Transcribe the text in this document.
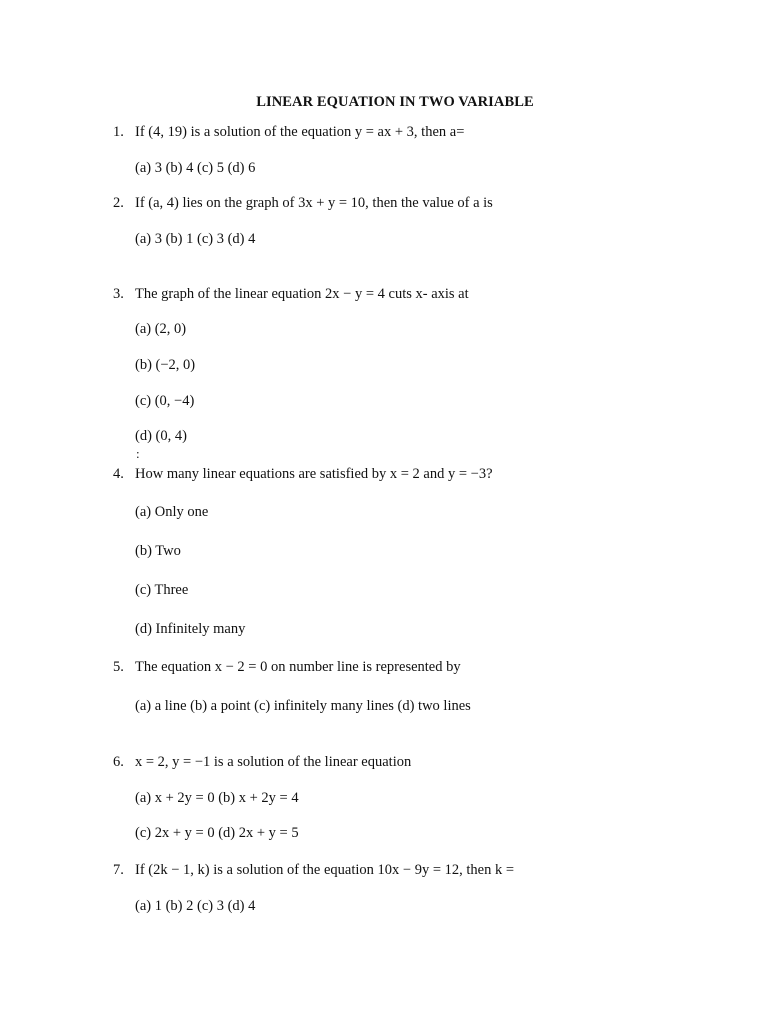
LINEAR EQUATION IN TWO VARIABLE
1. If (4, 19) is a solution of the equation y = ax + 3, then a=
(a) 3 (b) 4 (c) 5 (d) 6
2. If (a, 4) lies on the graph of 3x + y = 10, then the value of a is
(a) 3 (b) 1 (c) 3 (d) 4
3. The graph of the linear equation 2x − y = 4 cuts x- axis at
(a) (2, 0)
(b) (−2, 0)
(c) (0, −4)
(d) (0, 4)
:
4. How many linear equations are satisfied by x = 2 and y = −3?
(a) Only one
(b) Two
(c) Three
(d) Infinitely many
5. The equation x − 2 = 0 on number line is represented by
(a) a line (b) a point (c) infinitely many lines (d) two lines
6. x = 2, y = −1 is a solution of the linear equation
(a) x + 2y = 0 (b) x + 2y = 4
(c) 2x + y = 0 (d) 2x + y = 5
7. If (2k − 1, k) is a solution of the equation 10x − 9y = 12, then k =
(a) 1 (b) 2 (c) 3 (d) 4
